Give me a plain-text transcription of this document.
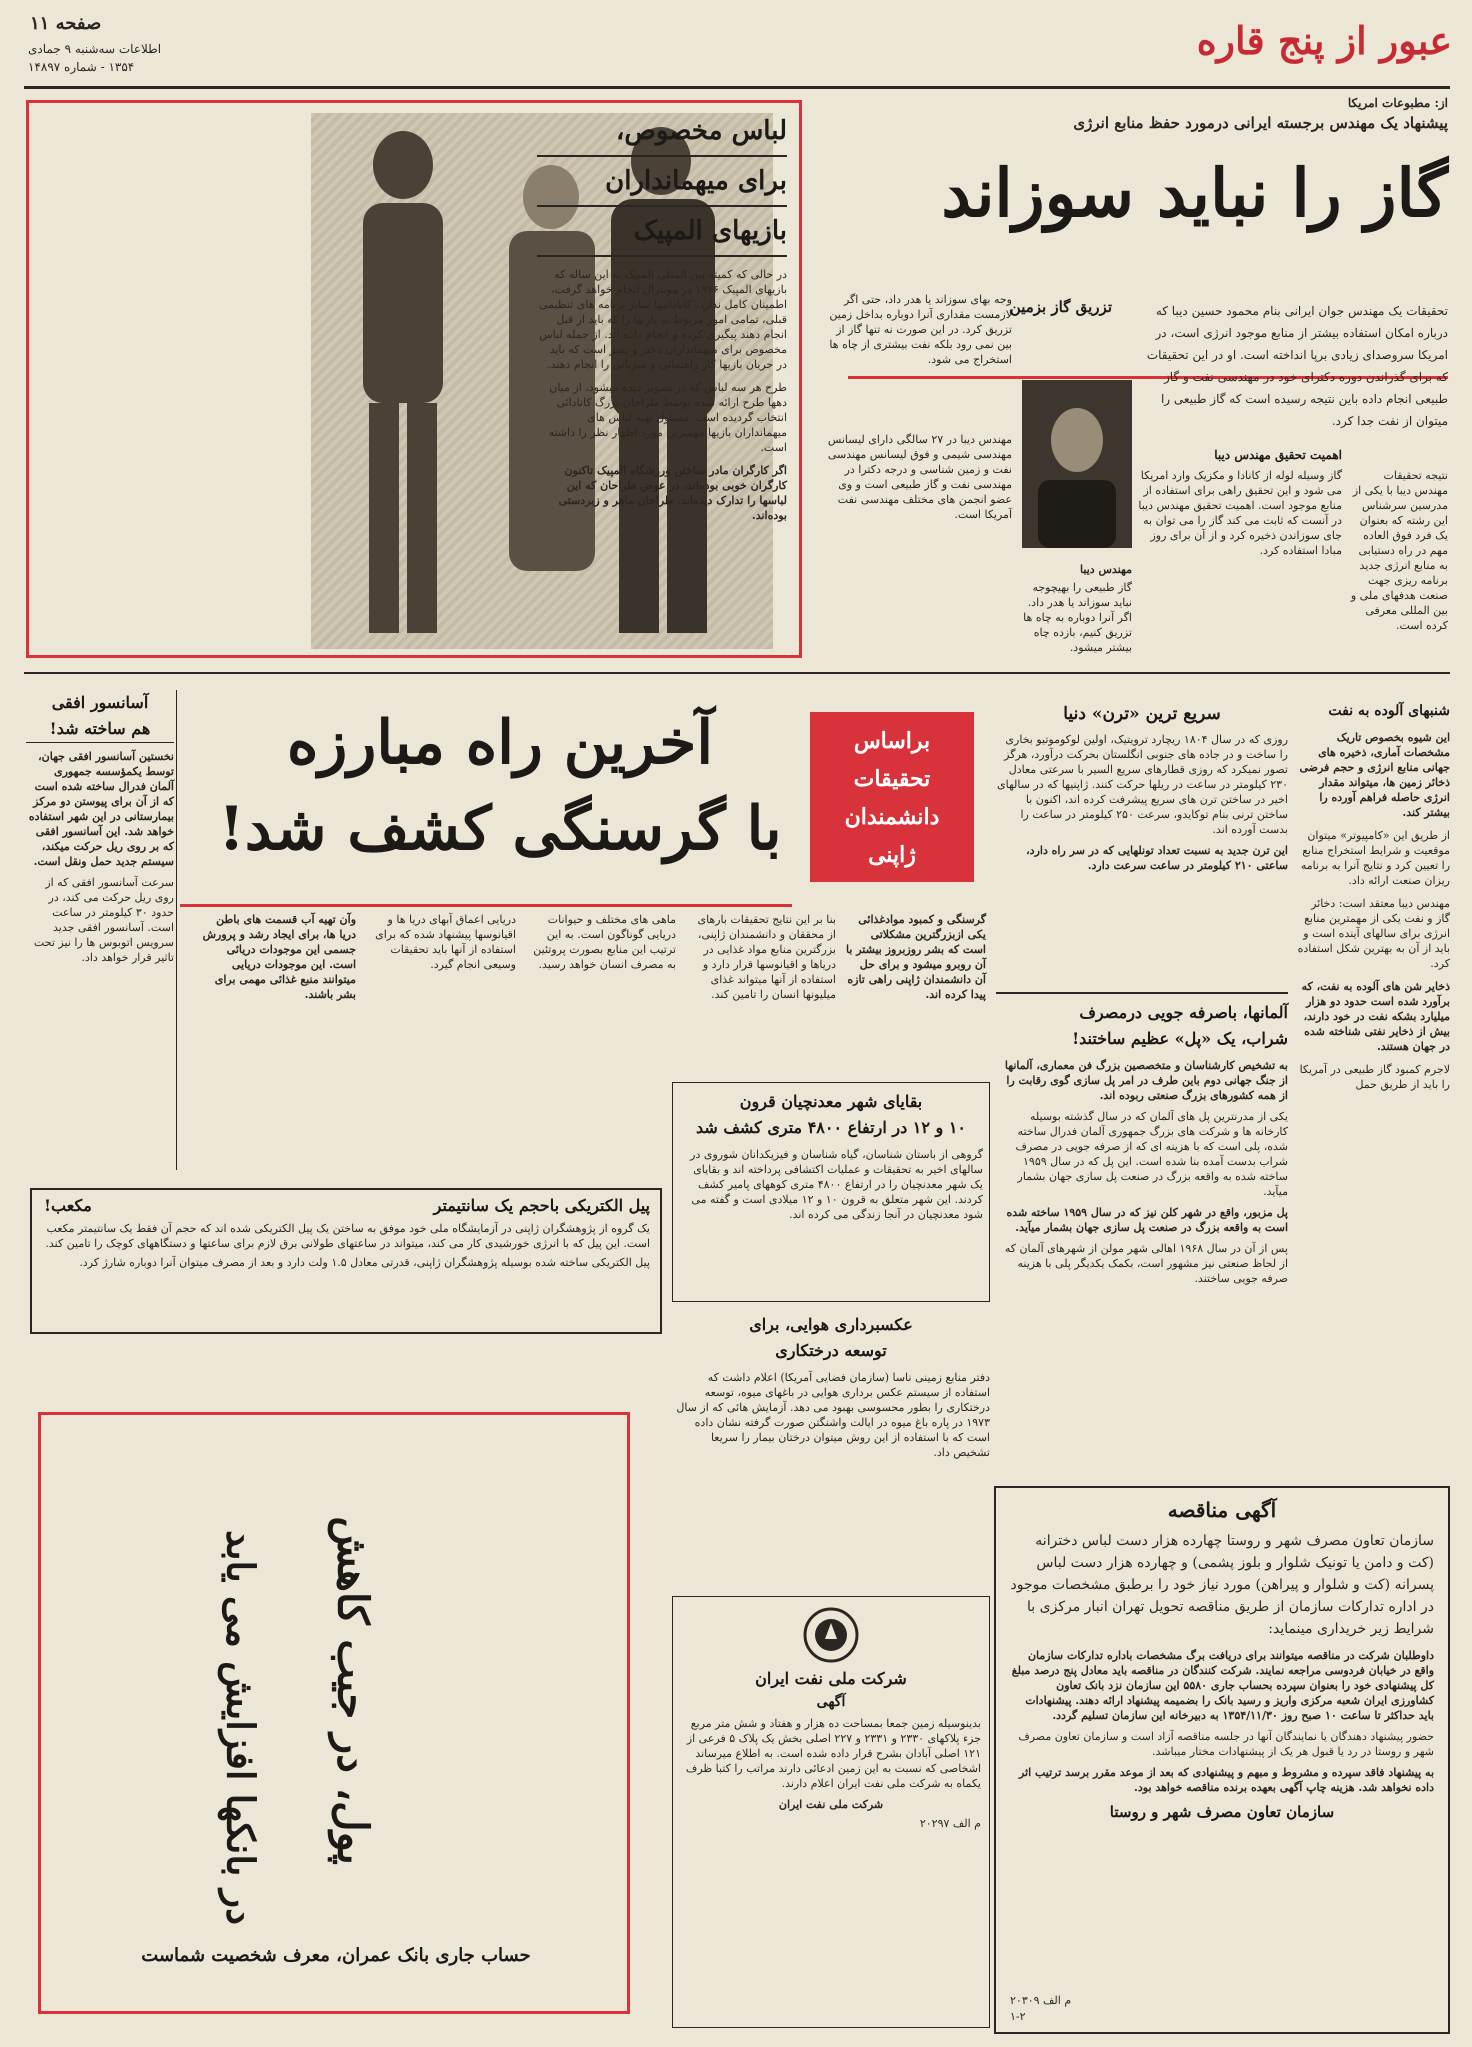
عبور از پنج قاره
صفحه ۱۱
اطلاعات سه‌شنبه ۹ جمادی
۱۳۵۴ - شماره ۱۴۸۹۷
لباس مخصوص،
برای میهمانداران
بازیهای المپیک

در حالی که کمیته بین المللی المپیک به این ساله که بازیهای المپیک ۱۹۷۶ در مونترال انجام خواهد گرفت، اطمینان کامل ندارد، کانادائیها سایر برنامه های تنظیمی قبلی، تمامی امور مربوط به بازیها را که باید از قبل انجام دهند پیگیری کرده و انجام داده اند. از جمله لباس مخصوص برای میهمانداران دختر و پسر است که باید در جریان بازیها کار راهنمائی و میزبانی را انجام دهند.

طرح هر سه لباس که در تصویر دیده میشود، از میان دهها طرح ارائه شده توسط طراحان بزرگ کانادائی انتخاب گردیده است. مسئول تهیه لباس های میهمانداران بازیها مهمترین مورد اظهار نظر را داشته است.

اگر کارگران مادر ساختن ورزشگاه المپیک تاکنون کارگران خوبی بوده‌اند، در عوض طراحان که این لباسها را تدارک دیده‌اند، طراحان ماهر و زبردستی بوده‌اند.

از: مطبوعات امریکا
پیشنهاد یک مهندس برجسته ایرانی درمورد حفظ منابع انرژی
گاز را نباید سوزاند

تحقیقات یک مهندس جوان ایرانی بنام محمود حسین دیبا که درباره امکان استفاده بیشتر از منابع موجود انرژی است، در امریکا سروصدای زیادی برپا انداخته است. او در این تحقیقات که برای گذراندن دوره دکترای خود در مهندسی نفت و گاز طبیعی انجام داده باین نتیجه رسیده است که گاز طبیعی را میتوان از نفت جدا کرد.

تزریق گاز بزمین

وجه بهای سوزاند یا هدر داد، حتی اگر لازمست مقداری آنرا دوباره بداخل زمین تزریق کرد. در این صورت نه تنها گاز از بین نمی رود بلکه نفت بیشتری از چاه ها استخراج می شود.

مهندس دیبا در ۲۷ سالگی دارای لیسانس مهندسی شیمی و فوق لیسانس مهندسی نفت و زمین شناسی و درجه دکترا در مهندسی نفت و گاز طبیعی است و وی عضو انجمن های مختلف مهندسی نفت آمریکا است.

مهندس دیبا

گاز طبیعی را بهیچوجه نباید سوزاند یا هدر داد. اگر آنرا دوباره به چاه ها تزریق کنیم، بازده چاه بیشتر میشود.

گاز وسیله لوله از کانادا و مکزیک وارد امریکا می شود و این تحقیق راهی برای استفاده از منابع موجود است. اهمیت تحقیق مهندس دیبا در آنست که ثابت می کند گاز را می توان به جای سوزاندن ذخیره کرد و از آن برای روز مبادا استفاده کرد.

اهمیت تحقیق مهندس دیبا

نتیجه تحقیقات مهندس دیبا با یکی از مدرسین سرشناس این رشته که بعنوان یک فرد فوق العاده مهم در راه دستیابی به منابع انرژی جدید برنامه ریزی جهت صنعت هدفهای ملی و بین المللی معرفی کرده است.

شنبهای آلوده به نفت

این شیوه بخصوص تاریک مشخصات آماری، ذخیره های جهانی منابع انرژی و حجم فرضی ذخائر زمین ها، میتواند مقدار انرژی حاصله فراهم آورده را بیشتر کند.

از طریق این «کامپیوتر» میتوان موقعیت و شرایط استخراج منابع را تعیین کرد و نتایج آنرا به برنامه ریزان صنعت ارائه داد.

مهندس دیبا معتقد است: دخائر گاز و نفت یکی از مهمترین منابع انرژی برای سالهای آینده است و باید از آن به بهترین شکل استفاده کرد.

ذخایر شن های آلوده به نفت، که برآورد شده است حدود دو هزار میلیارد بشکه نفت در خود دارند، بیش از ذخایر نفتی شناخته شده در جهان هستند.

لاجرم کمبود گاز طبیعی در آمریکا را باید از طریق حمل

سریع ترین «ترن» دنیا

روزی که در سال ۱۸۰۴ ریچارد ترویتیک، اولین لوکوموتیو بخاری را ساخت و در جاده های جنوبی انگلستان بحرکت درآورد، هرگز تصور نمیکرد که روزی قطارهای سریع السیر با سرعتی معادل ۲۳۰ کیلومتر در ساعت در ریلها حرکت کنند. ژاپنیها که در سالهای اخیر در ساختن ترن های سریع پیشرفت کرده اند، اکنون با ساختن ترنی بنام توکایدو، سرعت ۲۵۰ کیلومتر در ساعت را بدست آورده اند.

این ترن جدید به نسبت تعداد تونلهایی که در سر راه دارد، ساعتی ۲۱۰ کیلومتر در ساعت سرعت دارد.

آلمانها، باصرفه جویی درمصرف
شراب، یک «پل» عظیم ساختند!

به تشخیص کارشناسان و متخصصین بزرگ فن معماری، آلمانها از جنگ جهانی دوم باین طرف در امر پل سازی گوی رقابت را از همه کشورهای بزرگ صنعتی ربوده اند.

یکی از مدرنترین پل های آلمان که در سال گذشته بوسیله کارخانه ها و شرکت های بزرگ جمهوری آلمان فدرال ساخته شده، پلی است که با هزینه ای که از صرفه جویی در مصرف شراب بدست آمده بنا شده است. این پل که در سال ۱۹۵۹ ساخته شده به واقعه بزرگ در صنعت پل سازی جهان بشمار میآید.

پل مزبور، واقع در شهر کلن نیز که در سال ۱۹۵۹ ساخته شده است به واقعه بزرگ در صنعت پل سازی جهان بشمار میآید.

پس از آن در سال ۱۹۶۸ اهالی شهر مولن از شهرهای آلمان که از لحاظ صنعتی نیز مشهور است، بکمک یکدیگر پلی با هزینه صرفه جویی ساختند.

براساس تحقیقات دانشمندان ژاپنی
آخرین راه مبارزه
با گرسنگی کشف شد!
آسانسور افقی
هم ساخته شد!

نخستین آسانسور افقی جهان، توسط یکمؤسسه جمهوری آلمان فدرال ساخته شده است که از آن برای پیوستن دو مرکز بیمارستانی در این شهر استفاده خواهد شد. این آسانسور افقی که بر روی ریل حرکت میکند، سیستم جدید حمل ونقل است.

سرعت آسانسور افقی که از روی ریل حرکت می کند، در حدود ۳۰ کیلومتر در ساعت است. آسانسور افقی جدید سرویس اتوبوس ها را نیز تحت تاثیر قرار خواهد داد.

گرسنگی و کمبود موادغذائی یکی ازبزرگترین مشکلاتی است که بشر روزبروز بیشتر با آن روبرو میشود و برای حل آن دانشمندان ژاپنی راهی تازه پیدا کرده اند.

بنا بر این نتایج تحقیقات بارهای از محققان و دانشمندان ژاپنی، بزرگترین منابع مواد غذایی در دریاها و اقیانوسها قرار دارد و استفاده از آنها میتواند غذای میلیونها انسان را تامین کند.

ماهی های مختلف و حیوانات دریایی گوناگون است. به این ترتیب این منابع بصورت پروتئین به مصرف انسان خواهد رسید.

دریایی اعماق آبهای دریا ها و اقیانوسها پیشنهاد شده که برای استفاده از آنها باید تحقیقات وسیعی انجام گیرد.

وآن تهیه آب قسمت های باطن دریا ها، برای ایجاد رشد و پرورش جسمی این موجودات دریائی است. این موجودات دریایی میتوانند منبع غذائی مهمی برای بشر باشند.

بقایای شهر معدنچیان قرون
۱۰ و ۱۲ در ارتفاع ۴۸۰۰ متری کشف شد

گروهی از باستان شناسان، گیاه شناسان و فیزیکدانان شوروی در سالهای اخیر به تحقیقات و عملیات اکتشافی پرداخته اند و بقایای یک شهر معدنچیان را در ارتفاع ۴۸۰۰ متری کوههای پامیر کشف کردند. این شهر متعلق به قرون ۱۰ و ۱۲ میلادی است و گفته می شود معدنچیان در آنجا زندگی می کرده اند.

پیل الکتریکی باحجم یک سانتیمتر
مکعب!

یک گروه از پژوهشگران ژاپنی در آزمایشگاه ملی خود موفق به ساختن یک پیل الکتریکی شده اند که حجم آن فقط یک سانتیمتر مکعب است. این پیل که با انرژی خورشیدی کار می کند، میتواند در ساعتهای طولانی برق لازم برای ساعتها و دستگاههای کوچک را تامین کند.

پیل الکتریکی ساخته شده بوسیله پژوهشگران ژاپنی، قدرتی معادل ۱.۵ ولت دارد و بعد از مصرف میتوان آنرا دوباره شارژ کرد.

عکسبرداری هوایی، برای
توسعه درختکاری

دفتر منابع زمینی ناسا (سازمان فضایی آمریکا) اعلام داشت که استفاده از سیستم عکس برداری هوایی در باغهای میوه، توسعه درختکاری را بطور محسوسی بهبود می دهد. آزمایش هائی که از سال ۱۹۷۳ در پاره باغ میوه در ایالت واشنگتن صورت گرفته نشان داده است که با استفاده از این روش میتوان درختان بیمار را سریعا تشخیص داد.

پول، در جیب کاهش
در بانکها افزایش می یابد
حساب جاری بانک عمران، معرف شخصیت شماست
شرکت ملی نفت ایران
آگهی

بدینوسیله زمین جمعا بمساحت ده هزار و هفتاد و شش متر مربع جزء پلاکهای ۲۳۳۰ و ۲۳۳۱ و ۲۲۷ اصلی بخش یک پلاک ۵ فرعی از ۱۲۱ اصلی آبادان بشرح قرار داده شده است. به اطلاع میرساند اشخاصی که نسبت به این زمین ادعائی دارند مراتب را کتبا ظرف یکماه به شرکت ملی نفت ایران اعلام دارند.

شرکت ملی نفت ایران
م الف ۲۰۲۹۷
آگهی مناقصه

سازمان تعاون مصرف شهر و روستا چهارده هزار دست لباس دخترانه (کت و دامن یا تونیک شلوار و بلوز پشمی) و چهارده هزار دست لباس پسرانه (کت و شلوار و پیراهن) مورد نیاز خود را برطبق مشخصات موجود در اداره تدارکات سازمان از طریق مناقصه تحویل تهران انبار مرکزی با شرایط زیر خریداری مینماید:

داوطلبان شرکت در مناقصه میتوانند برای دریافت برگ مشخصات باداره تدارکات سازمان واقع در خیابان فردوسی مراجعه نمایند. شرکت کنندگان در مناقصه باید معادل پنج درصد مبلغ کل پیشنهادی خود را بعنوان سپرده بحساب جاری ۵۵۸۰ این سازمان نزد بانک تعاون کشاورزی ایران شعبه مرکزی واریز و رسید بانک را بضمیمه پیشنهاد ارائه دهند. پیشنهادات باید حداکثر تا ساعت ۱۰ صبح روز ۱۳۵۴/۱۱/۳۰ به دبیرخانه این سازمان تسلیم گردد.

حضور پیشنهاد دهندگان یا نمایندگان آنها در جلسه مناقصه آزاد است و سازمان تعاون مصرف شهر و روستا در رد یا قبول هر یک از پیشنهادات مختار میباشد.

به پیشنهاد فاقد سپرده و مشروط و مبهم و پیشنهادی که بعد از موعد مقرر برسد ترتیب اثر داده نخواهد شد. هزینه چاپ آگهی بعهده برنده مناقصه خواهد بود.

سازمان تعاون مصرف شهر و روستا
م الف ۲۰۳۰۹
۱-۲
